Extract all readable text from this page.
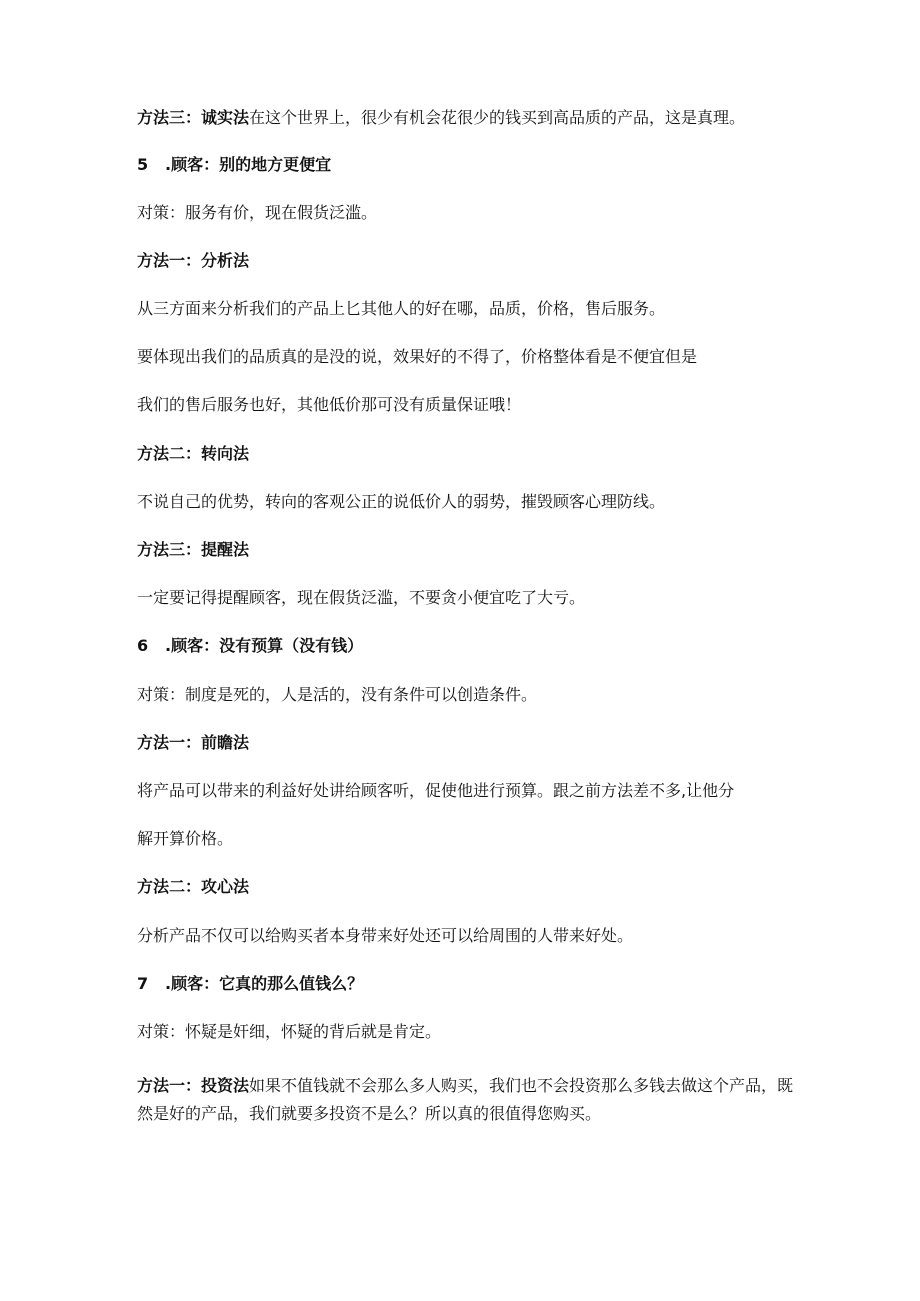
方法三：诚实法在这个世界上，很少有机会花很少的钱买到高品质的产品，这是真理。
5 .顾客：别的地方更便宜
对策：服务有价，现在假货泛滥。
方法一：分析法
从三方面来分析我们的产品上匕其他人的好在哪，品质，价格，售后服务。
要体现出我们的品质真的是没的说，效果好的不得了，价格整体看是不便宜但是
我们的售后服务也好，其他低价那可没有质量保证哦！
方法二：转向法
不说自己的优势，转向的客观公正的说低价人的弱势，摧毁顾客心理防线。
方法三：提醒法
一定要记得提醒顾客，现在假货泛滥，不要贪小便宜吃了大亏。
6 .顾客：没有预算（没有钱）
对策：制度是死的，人是活的，没有条件可以创造条件。
方法一：前瞻法
将产品可以带来的利益好处讲给顾客听，促使他进行预算。跟之前方法差不多,让他分
解开算价格。
方法二：攻心法
分析产品不仅可以给购买者本身带来好处还可以给周围的人带来好处。
7 .顾客：它真的那么值钱么？
对策：怀疑是奸细，怀疑的背后就是肯定。
方法一：投资法如果不值钱就不会那么多人购买，我们也不会投资那么多钱去做这个产品，既然是好的产品，我们就要多投资不是么？所以真的很值得您购买。
